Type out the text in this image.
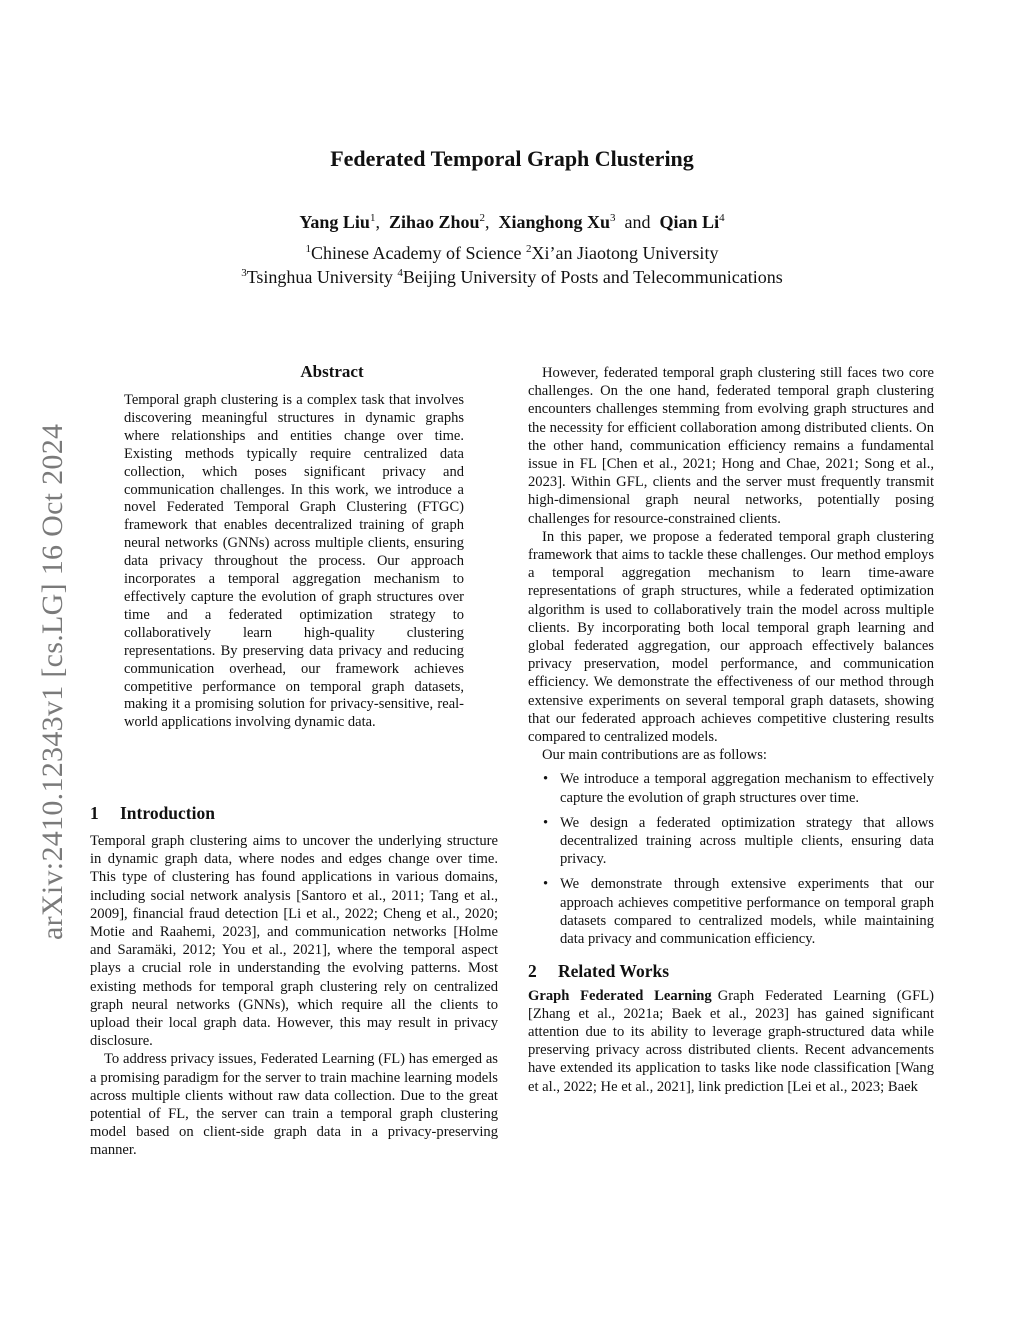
Federated Temporal Graph Clustering
Yang Liu$^1$, Zihao Zhou$^2$, Xianghong Xu$^3$ and Qian Li$^4$
$^1$Chinese Academy of Science $^2$Xi’an Jiaotong University
$^3$Tsinghua University $^4$Beijing University of Posts and Telecommunications
arXiv:2410.12343v1 [cs.LG] 16 Oct 2024
Abstract
Temporal graph clustering is a complex task that involves discovering meaningful structures in dynamic graphs where relationships and entities change over time. Existing methods typically require centralized data collection, which poses significant privacy and communication challenges. In this work, we introduce a novel Federated Temporal Graph Clustering (FTGC) framework that enables decentralized training of graph neural networks (GNNs) across multiple clients, ensuring data privacy throughout the process. Our approach incorporates a temporal aggregation mechanism to effectively capture the evolution of graph structures over time and a federated optimization strategy to collaboratively learn high-quality clustering representations. By preserving data privacy and reducing communication overhead, our framework achieves competitive performance on temporal graph datasets, making it a promising solution for privacy-sensitive, real-world applications involving dynamic data.
1 Introduction

Temporal graph clustering aims to uncover the underlying structure in dynamic graph data, where nodes and edges change over time. This type of clustering has found applications in various domains, including social network analysis [Santoro et al., 2011; Tang et al., 2009], financial fraud detection [Li et al., 2022; Cheng et al., 2020; Motie and Raahemi, 2023], and communication networks [Holme and Saramäki, 2012; You et al., 2021], where the temporal aspect plays a crucial role in understanding the evolving patterns. Most existing methods for temporal graph clustering rely on centralized graph neural networks (GNNs), which require all the clients to upload their local graph data. However, this may result in privacy disclosure.

To address privacy issues, Federated Learning (FL) has emerged as a promising paradigm for the server to train machine learning models across multiple clients without raw data collection. Due to the great potential of FL, the server can train a temporal graph clustering model based on client-side graph data in a privacy-preserving manner.

However, federated temporal graph clustering still faces two core challenges. On the one hand, federated temporal graph clustering encounters challenges stemming from evolving graph structures and the necessity for efficient collaboration among distributed clients. On the other hand, communication efficiency remains a fundamental issue in FL [Chen et al., 2021; Hong and Chae, 2021; Song et al., 2023]. Within GFL, clients and the server must frequently transmit high-dimensional graph neural networks, potentially posing challenges for resource-constrained clients.

In this paper, we propose a federated temporal graph clustering framework that aims to tackle these challenges. Our method employs a temporal aggregation mechanism to learn time-aware representations of graph structures, while a federated optimization algorithm is used to collaboratively train the model across multiple clients. By incorporating both local temporal graph learning and global federated aggregation, our approach effectively balances privacy preservation, model performance, and communication efficiency. We demonstrate the effectiveness of our method through extensive experiments on several temporal graph datasets, showing that our federated approach achieves competitive clustering results compared to centralized models.

Our main contributions are as follows:

• We introduce a temporal aggregation mechanism to effectively capture the evolution of graph structures over time.
• We design a federated optimization strategy that allows decentralized training across multiple clients, ensuring data privacy.
• We demonstrate through extensive experiments that our approach achieves competitive performance on temporal graph datasets compared to centralized models, while maintaining data privacy and communication efficiency.
2 Related Works

Graph Federated Learning Graph Federated Learning (GFL) [Zhang et al., 2021a; Baek et al., 2023] has gained significant attention due to its ability to leverage graph-structured data while preserving privacy across distributed clients. Recent advancements have extended its application to tasks like node classification [Wang et al., 2022; He et al., 2021], link prediction [Lei et al., 2023; Baek
